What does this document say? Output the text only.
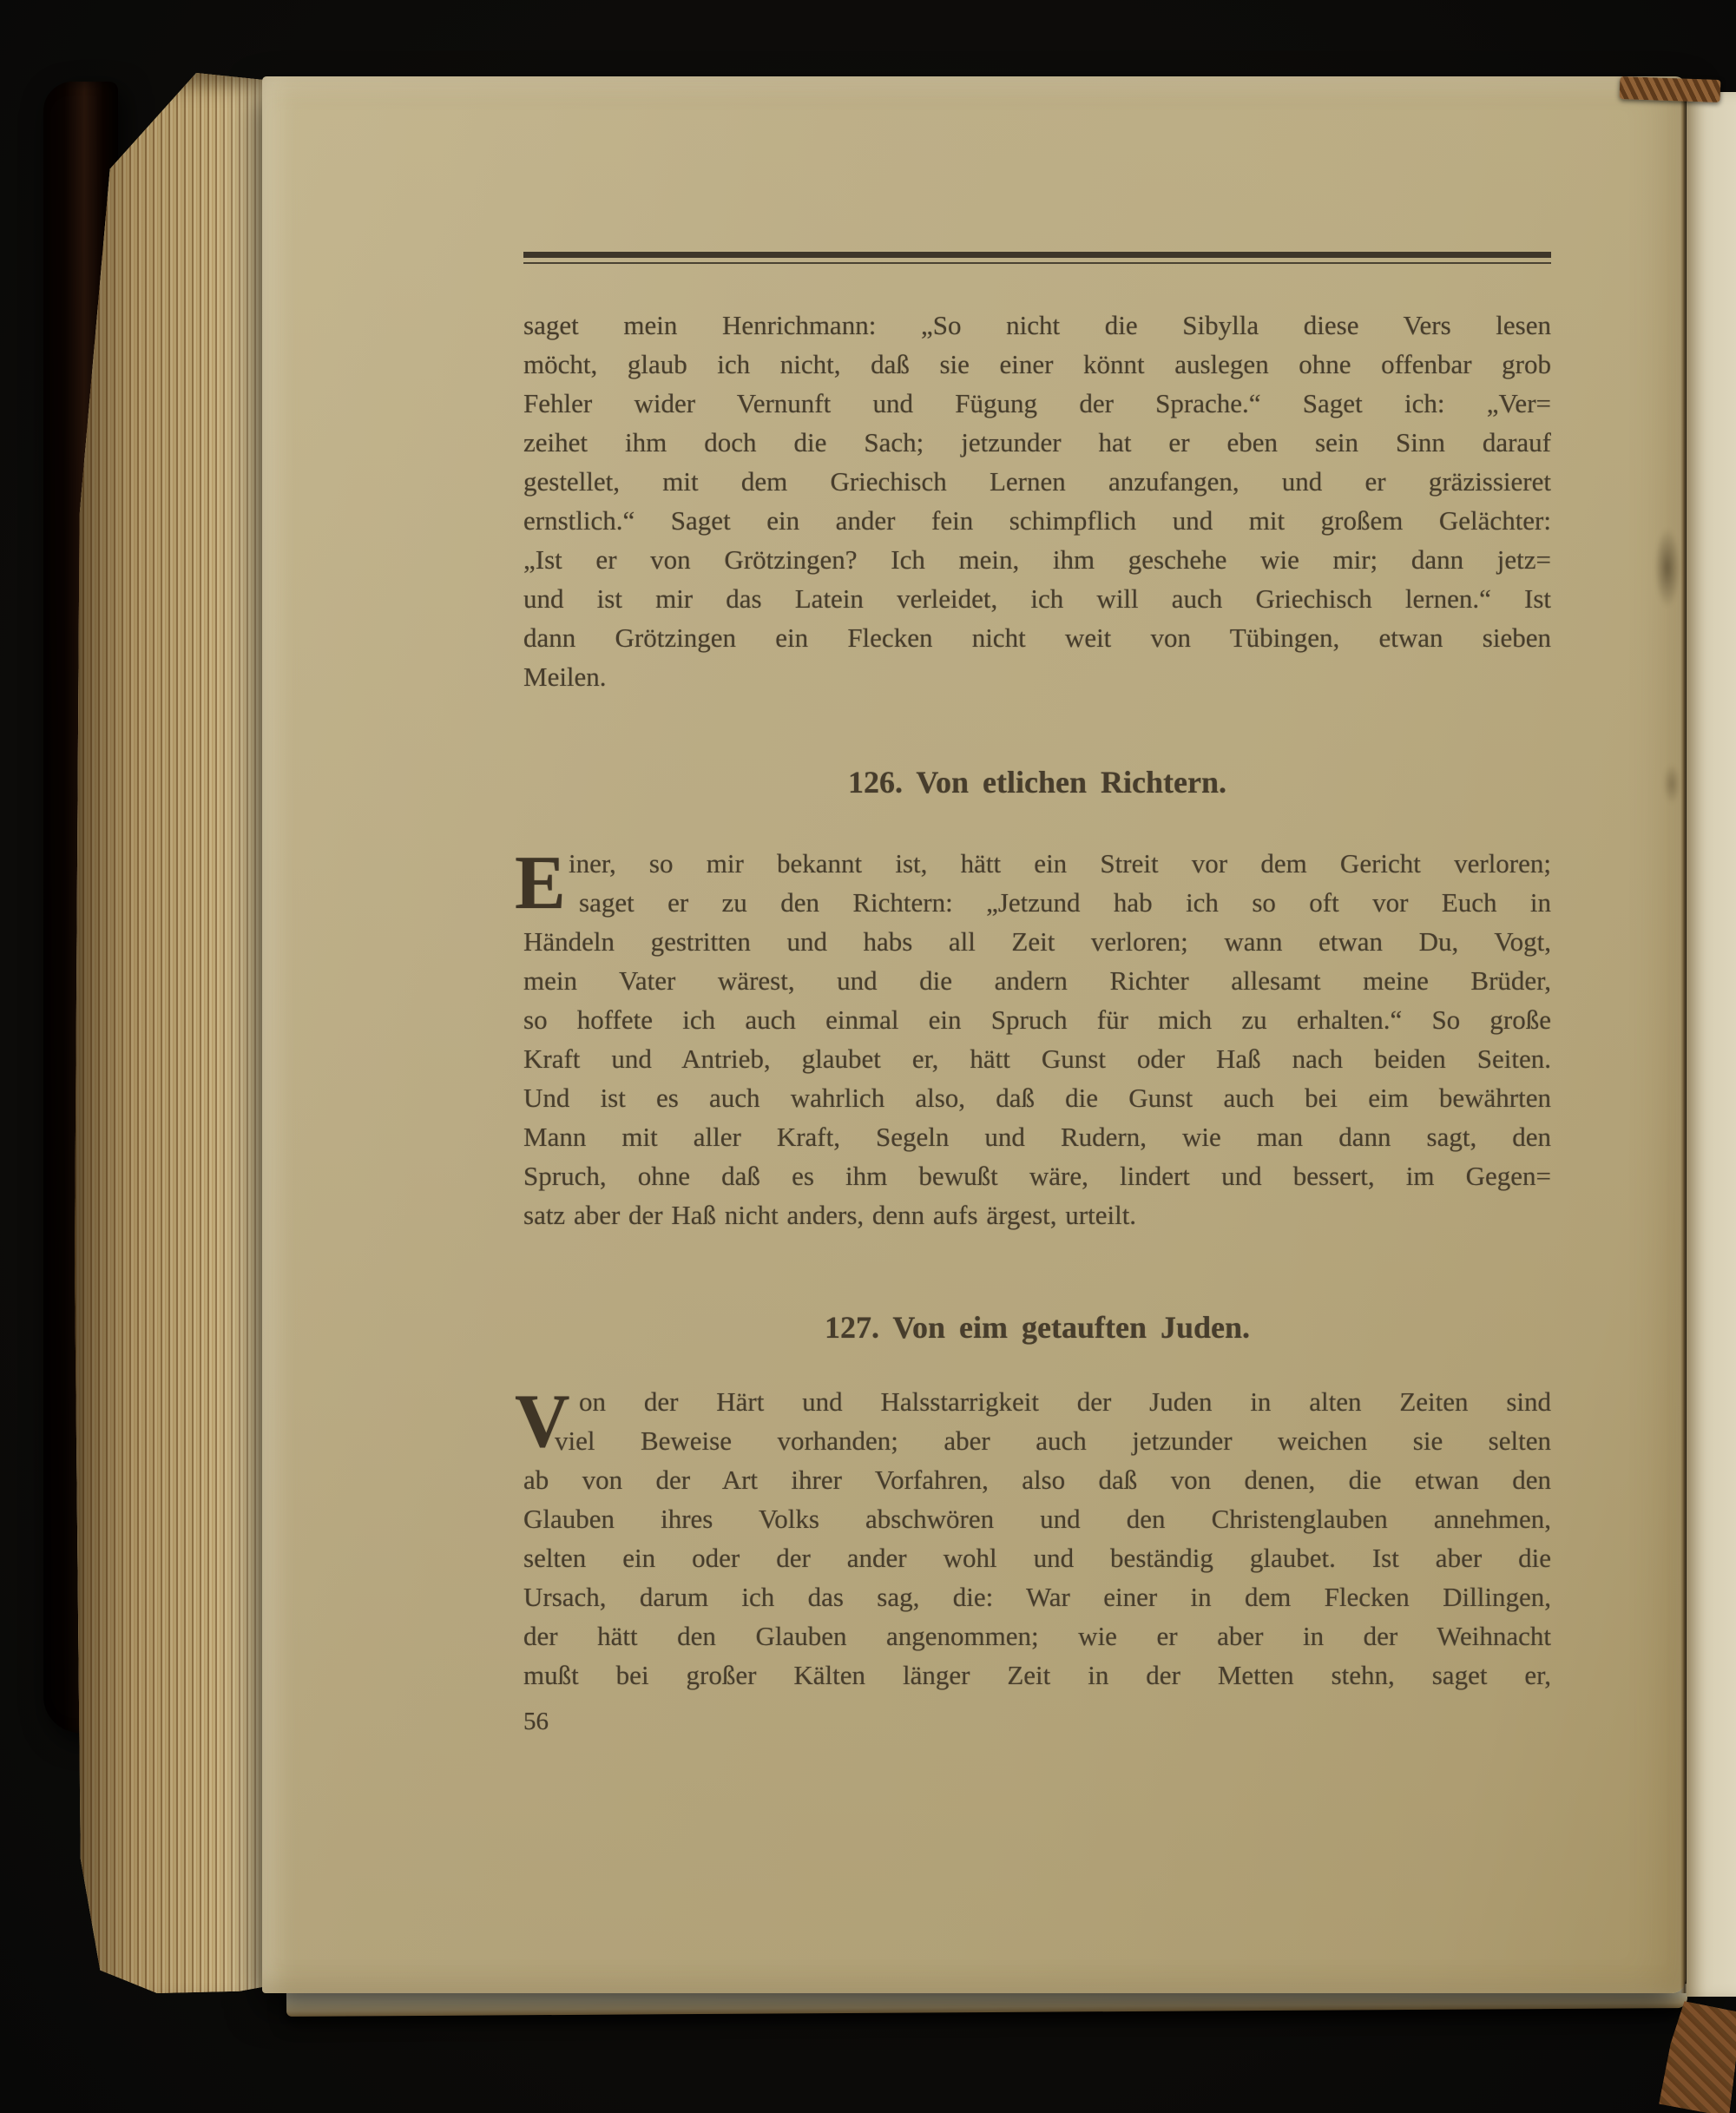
saget mein Henrichmann: „So nicht die Sibylla diese Vers lesen
möcht, glaub ich nicht, daß sie einer könnt auslegen ohne offenbar grob
Fehler wider Vernunft und Fügung der Sprache.“ Saget ich: „Ver=
zeihet ihm doch die Sach; jetzunder hat er eben sein Sinn darauf
gestellet, mit dem Griechisch Lernen anzufangen, und er gräzissieret
ernstlich.“ Saget ein ander fein schimpflich und mit großem Gelächter:
„Ist er von Grötzingen? Ich mein, ihm geschehe wie mir; dann jetz=
und ist mir das Latein verleidet, ich will auch Griechisch lernen.“ Ist
dann Grötzingen ein Flecken nicht weit von Tübingen, etwan sieben
Meilen.
126. Von etlichen Richtern.
E iner, so mir bekannt ist, hätt ein Streit vor dem Gericht verloren;
saget er zu den Richtern: „Jetzund hab ich so oft vor Euch in
Händeln gestritten und habs all Zeit verloren; wann etwan Du, Vogt,
mein Vater wärest, und die andern Richter allesamt meine Brüder,
so hoffete ich auch einmal ein Spruch für mich zu erhalten.“ So große
Kraft und Antrieb, glaubet er, hätt Gunst oder Haß nach beiden Seiten.
Und ist es auch wahrlich also, daß die Gunst auch bei eim bewährten
Mann mit aller Kraft, Segeln und Rudern, wie man dann sagt, den
Spruch, ohne daß es ihm bewußt wäre, lindert und bessert, im Gegen=
satz aber der Haß nicht anders, denn aufs ärgest, urteilt.
127. Von eim getauften Juden.
V on der Härt und Halsstarrigkeit der Juden in alten Zeiten sind
viel Beweise vorhanden; aber auch jetzunder weichen sie selten
ab von der Art ihrer Vorfahren, also daß von denen, die etwan den
Glauben ihres Volks abschwören und den Christenglauben annehmen,
selten ein oder der ander wohl und beständig glaubet. Ist aber die
Ursach, darum ich das sag, die: War einer in dem Flecken Dillingen,
der hätt den Glauben angenommen; wie er aber in der Weihnacht
mußt bei großer Kälten länger Zeit in der Metten stehn, saget er,
56
